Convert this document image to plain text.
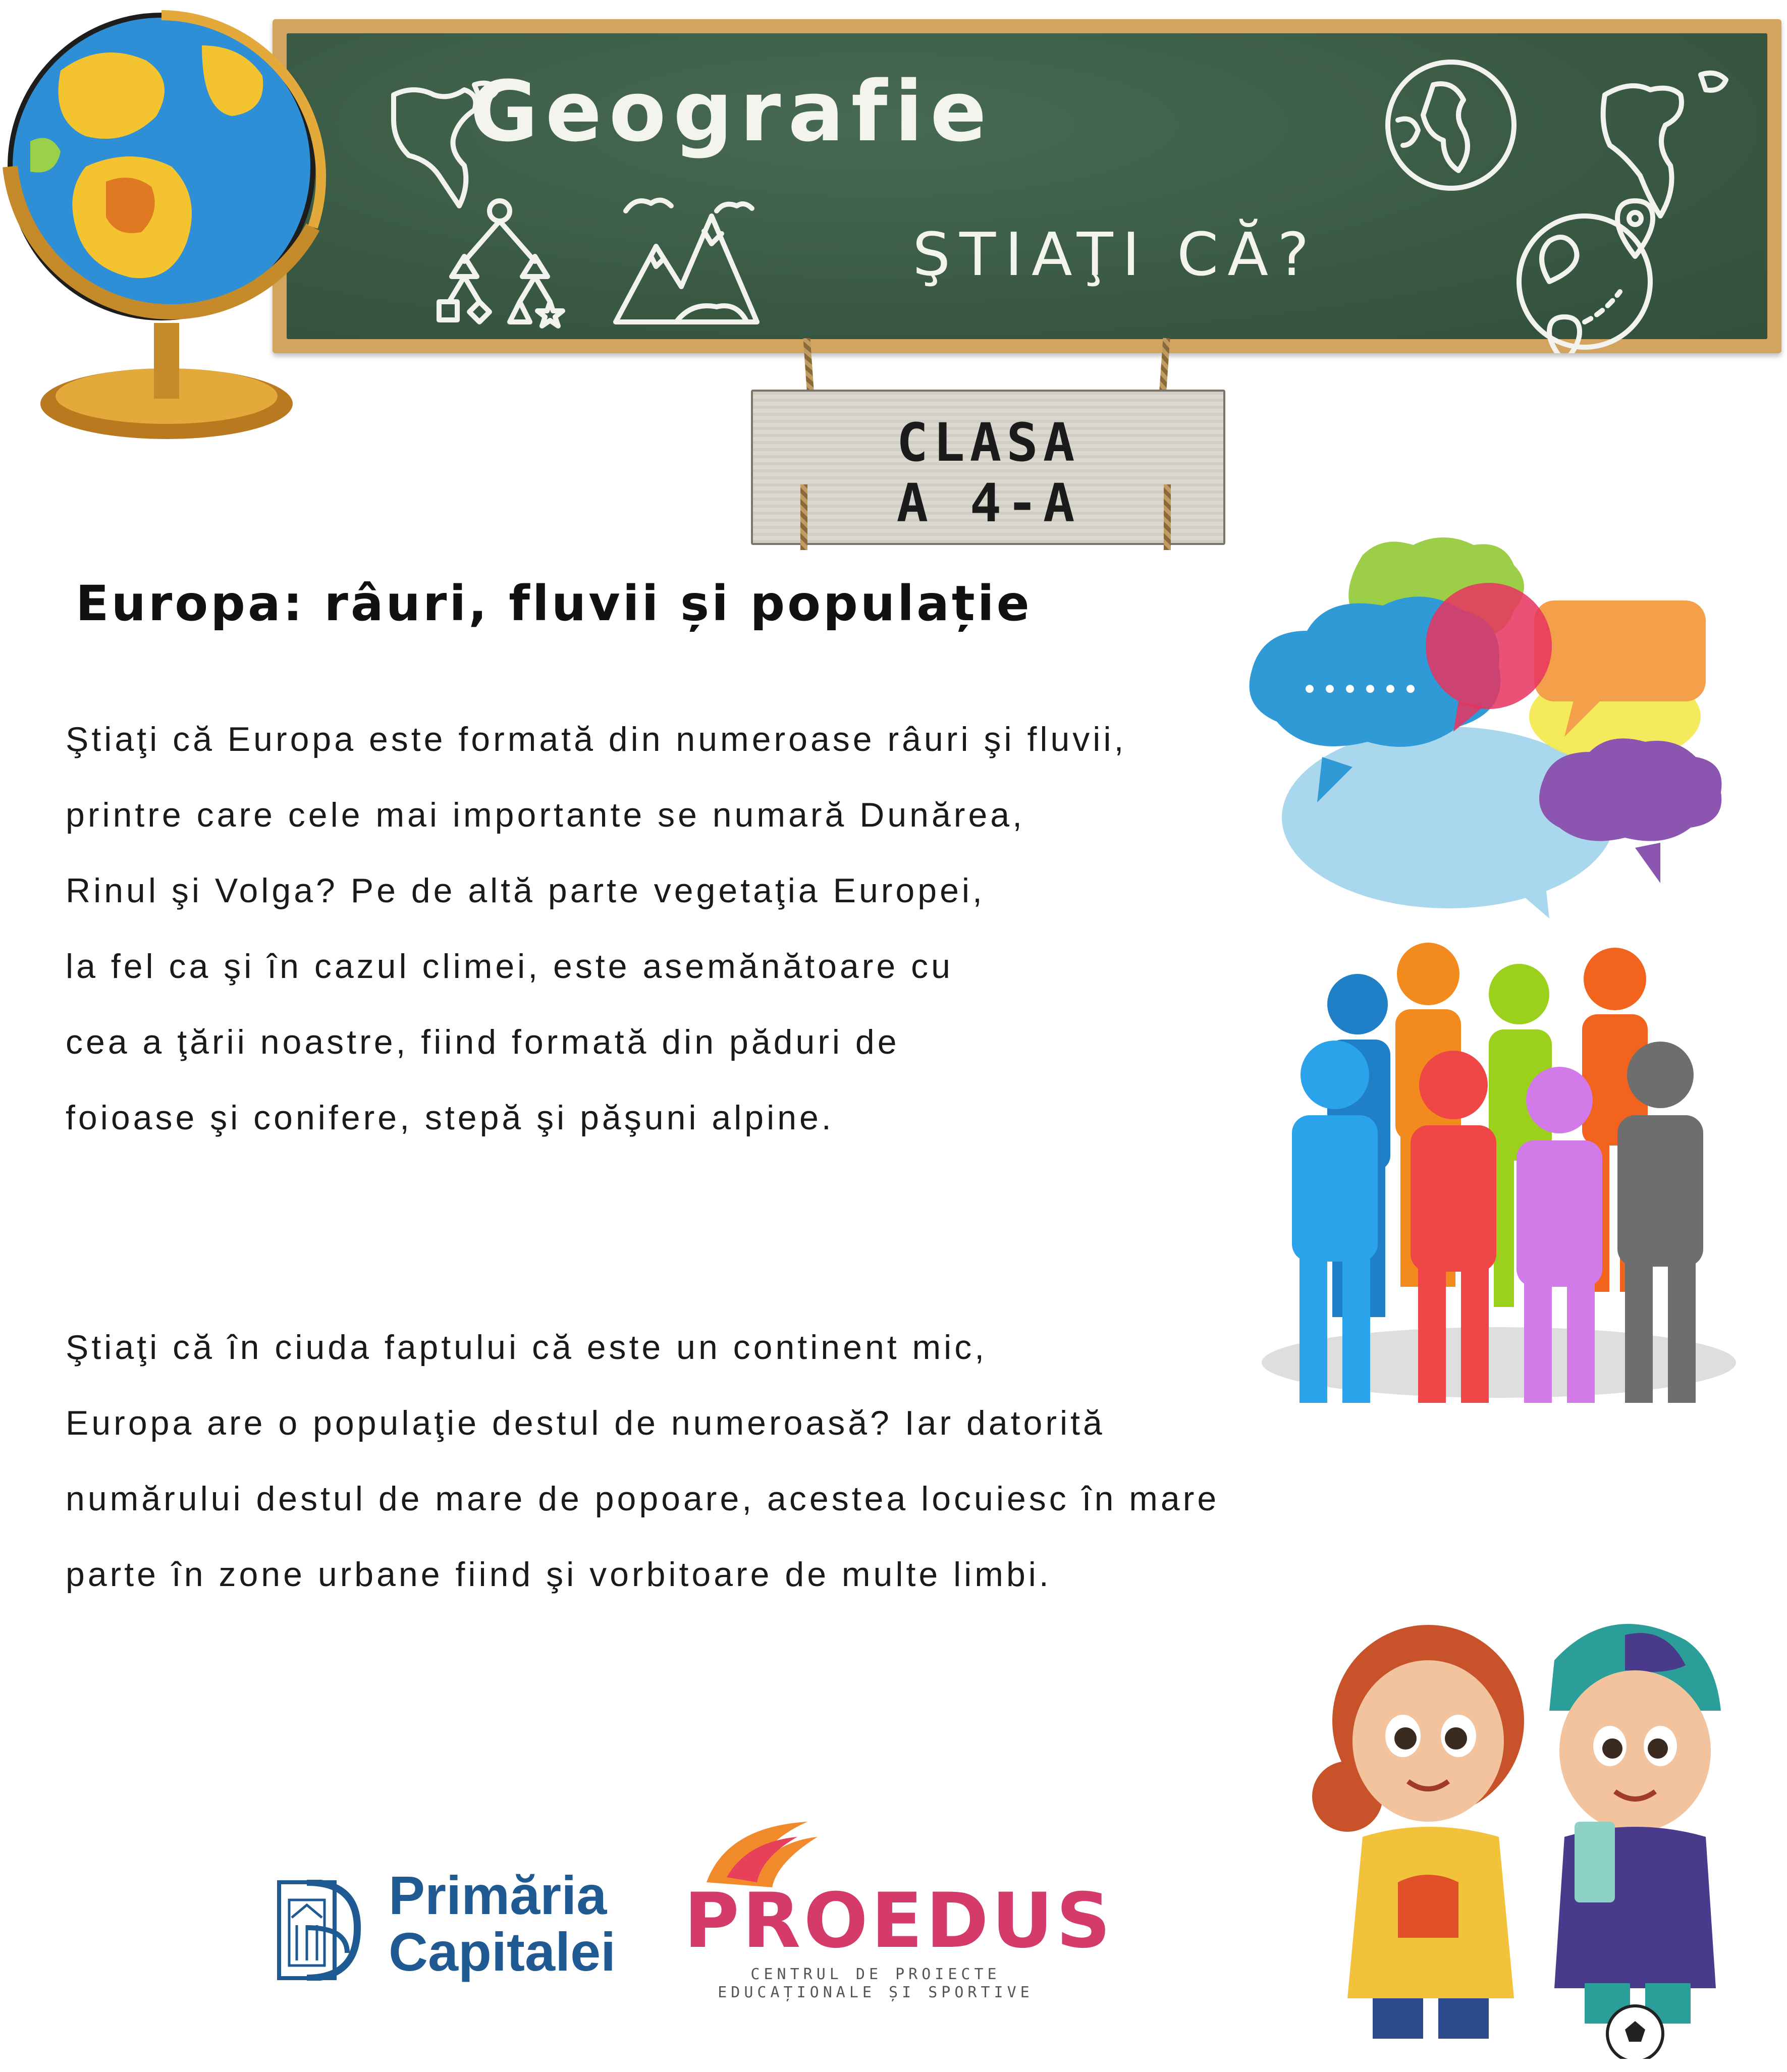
Geografie
ŞTIAŢI CĂ?
CLASA
A 4-A
Europa: râuri, fluvii și populație
Ştiaţi că Europa este formată din numeroase râuri şi fluvii,
printre care cele mai importante se numară Dunărea,
Rinul şi Volga? Pe de altă parte vegetaţia Europei,
la fel ca şi în cazul climei, este asemănătoare cu
cea a ţării noastre, fiind formată din păduri de
foioase şi conifere, stepă şi păşuni alpine.
Ştiaţi că în ciuda faptului că este un continent mic,
Europa are o populaţie destul de numeroasă? Iar datorită
numărului destul de mare de popoare, acestea locuiesc în mare
parte în zone urbane fiind şi vorbitoare de multe limbi.
Primăria
Capitalei PROEDUS
CENTRUL DE PROIECTE
EDUCAȚIONALE ȘI SPORTIVE
